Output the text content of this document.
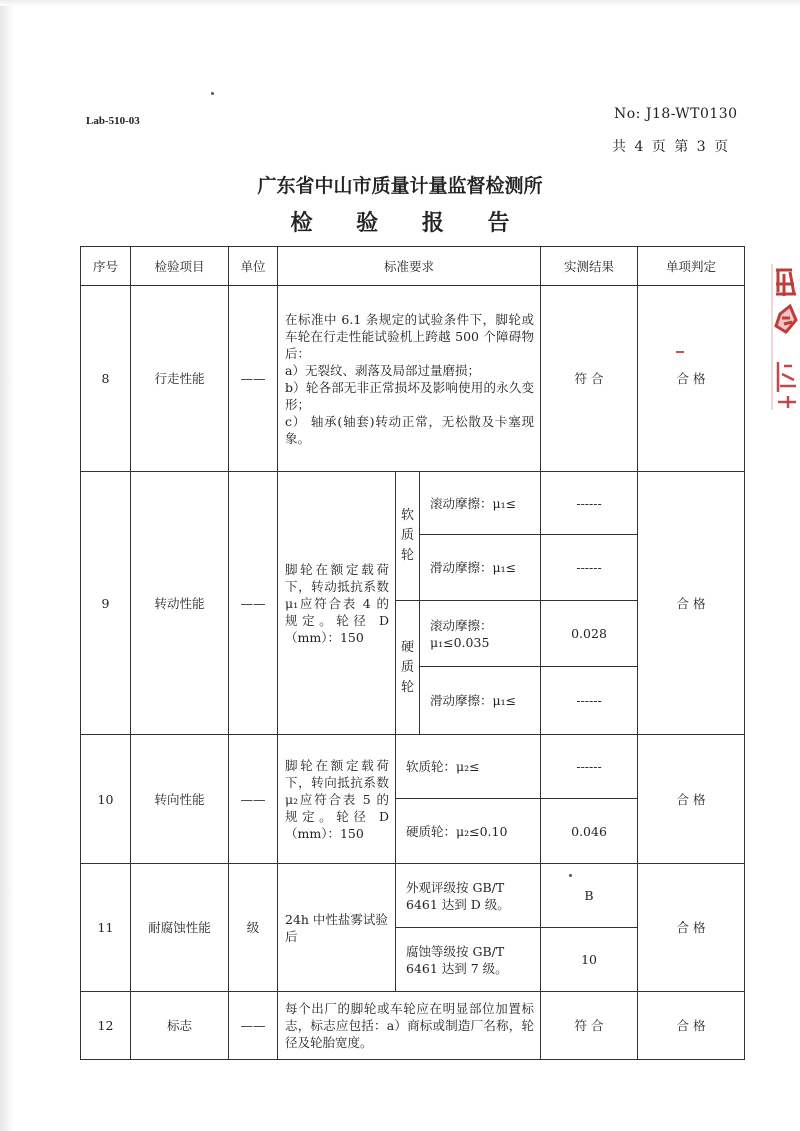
Lab-510-03	No: J18-WT0130
共 4 页 第 3 页
广东省中山市质量计量监督检测所
检 验 报 告
序号	检验项目	单位	标准要求			实测结果	单项判定
8	行走性能	——	在标准中 6.1 条规定的试验条件下，脚轮或车轮在行走性能试验机上跨越 500 个障碍物后：
a）无裂纹、剥落及局部过量磨损；
b）轮各部无非正常损坏及影响使用的永久变形；
c） 轴承(轴套)转动正常，无松散及卡塞现象。			符 合	合 格
9	转动性能	——	脚轮在额定载荷下，转动抵抗系数μ₁应符合表 4 的规定。轮径 D（mm）：150	软质轮	滚动摩擦：μ₁≤	------	合 格
					滑动摩擦：μ₁≤	------	
				硬质轮	滚动摩擦：μ₁≤0.035	0.028	
					滑动摩擦：μ₁≤	------	
10	转向性能	——	脚轮在额定载荷下，转向抵抗系数μ₂应符合表 5 的规定。轮径 D（mm）：150	软质轮：μ₂≤		------	合 格
				硬质轮：μ₂≤0.10		0.046	
11	耐腐蚀性能	级	24h 中性盐雾试验后	外观评级按 GB/T 6461 达到 D 级。		B	合 格
				腐蚀等级按 GB/T 6461 达到 7 级。		10	
12	标志	——	每个出厂的脚轮或车轮应在明显部位加置标志，标志应包括：a）商标或制造厂名称，轮径及轮胎宽度。			符 合	合 格
